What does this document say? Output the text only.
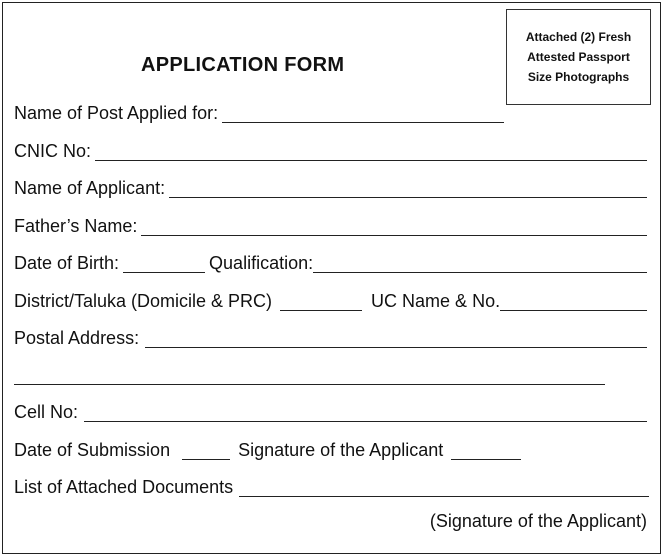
APPLICATION FORM
Attached (2) Fresh
Attested Passport
Size Photographs
Name of Post Applied for:
CNIC No:
Name of Applicant:
Father’s Name:
Date of Birth:	Qualification:
District/Taluka (Domicile & PRC)	UC Name & No.
Postal Address:
Cell No:
Date of Submission	Signature of the Applicant
List of Attached Documents
(Signature of the Applicant)
